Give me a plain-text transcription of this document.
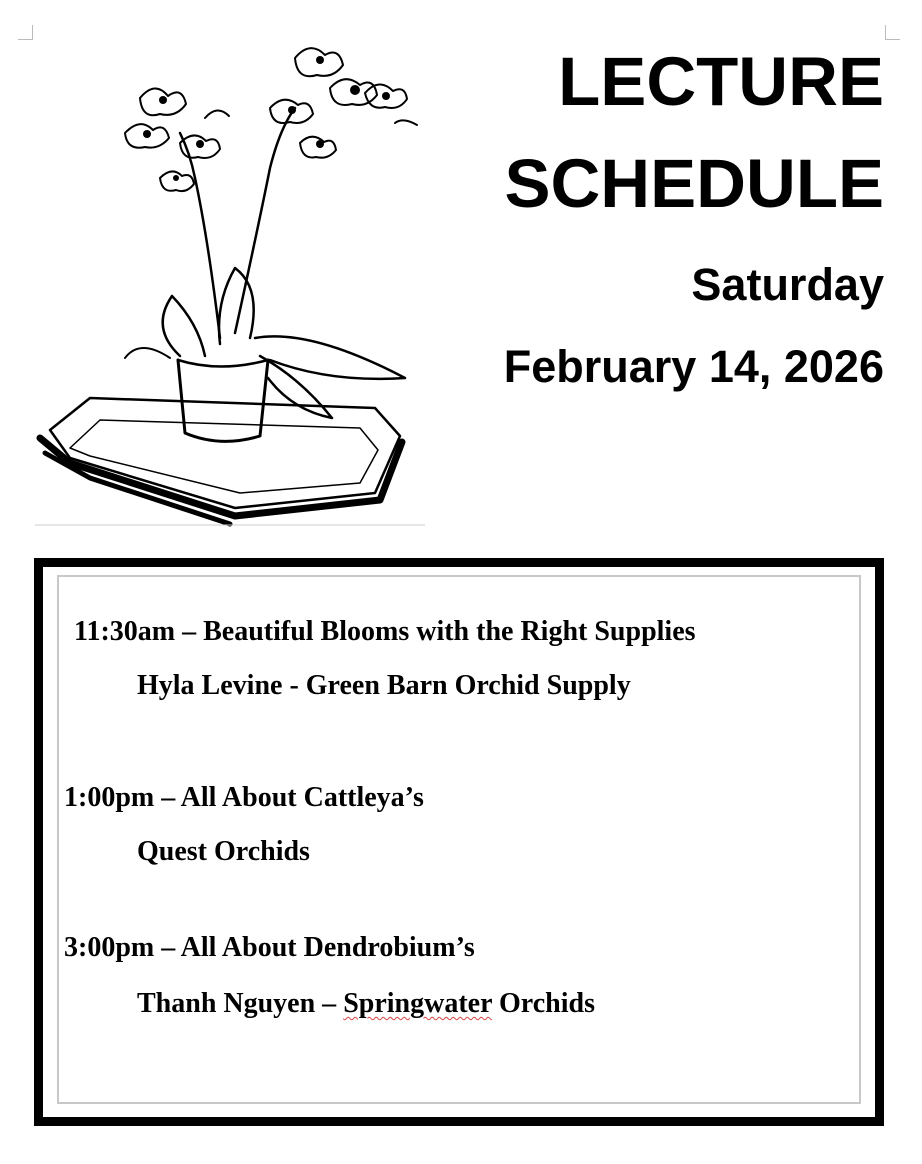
LECTURE
SCHEDULE
Saturday
February 14, 2026
11:30am – Beautiful Blooms with the Right Supplies
Hyla Levine - Green Barn Orchid Supply
1:00pm – All About Cattleya’s
Quest Orchids
3:00pm – All About Dendrobium’s
Thanh Nguyen – Springwater Orchids
